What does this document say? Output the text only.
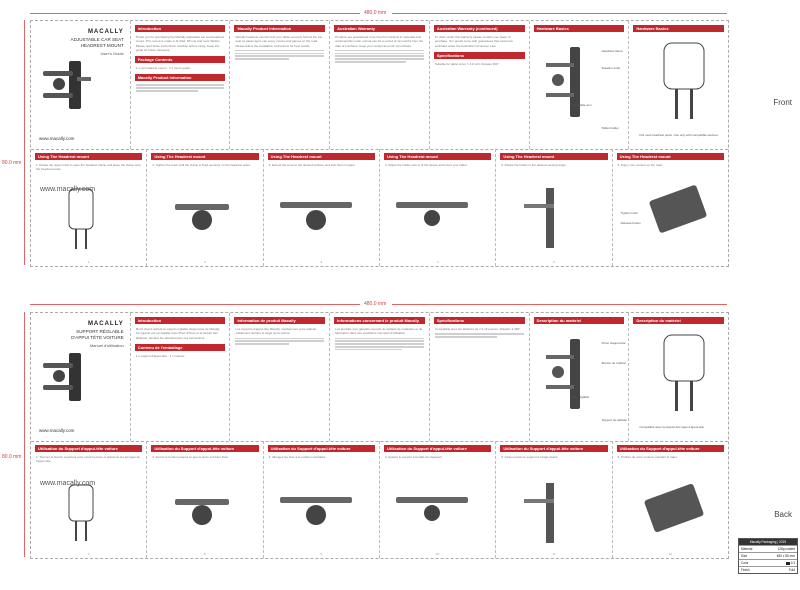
480.0 mm
80.0 mm
Front
www.macally.com
MACALLY
ADJUSTABLE CAR SEAT
HEADREST MOUNT
User’s Guide
www.macally.com
Introduction
Thank you for purchasing the Macally adjustable car seat headrest mount. This mount is made to fit iPad, iPhone and most Tablets. Please read these instructions carefully before using. Keep this guide for future reference.
Package Contents
1 x car headrest mount · 1 x user's guide
Macally Product Information
Macally Product Information
Macally headrest mounts hold your tablet securely behind the car seat so passengers can enjoy movies and games on the road. Please follow the installation instructions for best results.
Australian Warranty
Products are guaranteed to be free from defects in materials and workmanship under normal use for a period of 12 months from the date of purchase. Keep your receipt as proof of purchase.
Australian Warranty (continued)
To claim under this warranty please contact your place of purchase. Our goods come with guarantees that cannot be excluded under the Australian Consumer Law.
Specifications
Suitable for tablet sizes 7–13 inch. Rotates 360°.
Hardware Basics
Headrest clamp
Rotation knob
Adjustable arm
Tablet holder
Hardware Basics
Fits most headrest posts. Use only with compatible devices.
Using The Headrest mount
1. Rotate the upper knob to open the headrest clamp and place the clamp onto the headrest posts.
1
Using The Headrest mount
2. Tighten the knob until the clamp is fixed securely on the headrest posts.
2
Using The Headrest mount
3. Extend the arms to the desired position and lock them in place.
3
Using The Headrest mount
4. Adjust the holder size to fit the device and insert your tablet.
4
Using The Headrest mount
5. Rotate the holder to the desired viewing angle.
5
Using The Headrest mount
6. Enjoy your content on the road.
Tighten knob
Release button
480.0 mm
80.0 mm
Back
www.macally.com
MACALLY
SUPPORT RÉGLABLE
D'APPUI TÊTE VOITURE
Manuel d'utilisation
www.macally.com
Introduction
Merci d'avoir acheté le support réglable d'appui-tête de Macally. Ce support est compatible avec iPad, iPhone et la plupart des tablettes. Veuillez lire attentivement ces instructions.
Contenu de l'emballage
1 x support d'appui-tête · 1 x manuel
Information de produit Macally
Les supports d'appui-tête Macally maintiennent votre tablette solidement derrière le siège de la voiture.
Informations concernant le produit Macally
Les produits sont garantis exempts de défauts de matériaux et de fabrication dans des conditions normales d'utilisation.
Spécifications
Compatible avec les tablettes de 7 à 13 pouces. Rotation à 360°.
Description du matériel
Pince d'appui-tête
Bouton de rotation
Bras réglable
Support de tablette
Description du matériel
Compatible avec la plupart des tiges d'appui-tête.
Utilisation du Support d'appui-tête voiture
1. Tournez le bouton supérieur pour ouvrir la pince et placez-la sur les tiges de l'appui-tête.
7
Utilisation du Support d'appui-tête voiture
2. Serrez le bouton jusqu'à ce que la pince soit bien fixée.
8
Utilisation du Support d'appui-tête voiture
3. Allongez les bras à la position souhaitée.
9
Utilisation du Support d'appui-tête voiture
4. Ajustez le support à la taille de l'appareil.
10
Utilisation du Support d'appui-tête voiture
5. Faites pivoter le support à l'angle désiré.
11
Utilisation du Support d'appui-tête voiture
6. Profitez de votre contenu pendant le trajet.
12
Macally Packaging | 2019
Material	128g coated
Size	480 x 80 mm
Color	1/1
Finish	Fold
